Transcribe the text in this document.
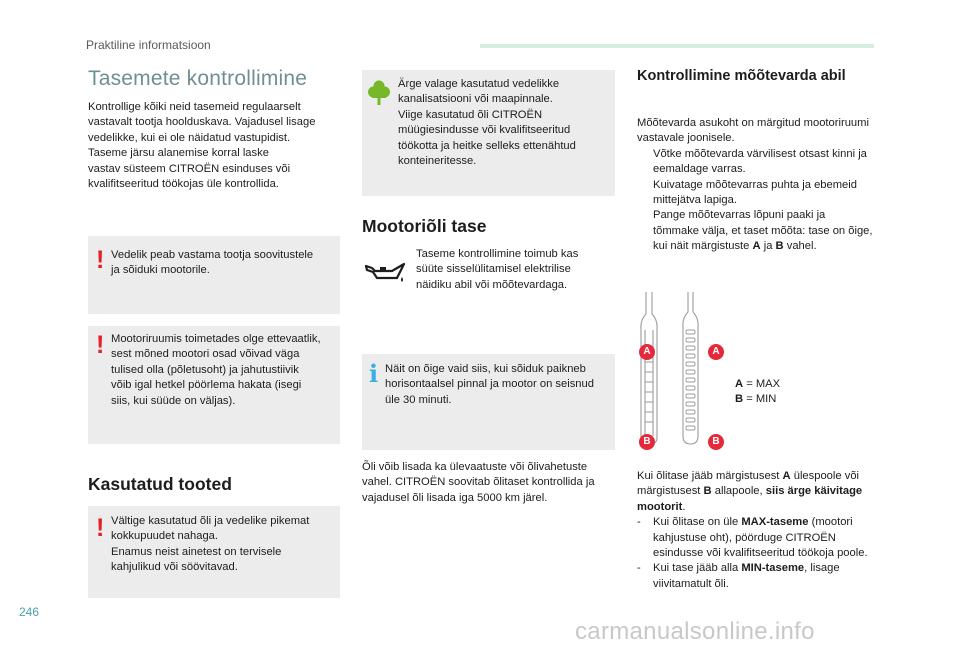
Praktiline informatsioon
Tasemete kontrollimine
Kontrollige kõiki neid tasemeid regulaarselt
vastavalt tootja hoolduskava. Vajadusel lisage
vedelikke, kui ei ole näidatud vastupidist.
Taseme järsu alanemise korral laske
vastav süsteem CITROËN esinduses või
kvalifitseeritud töökojas üle kontrollida.
! Vedelik peab vastama tootja soovitustele
ja sõiduki mootorile.
! Mootoriruumis toimetades olge ettevaatlik,
sest mõned mootori osad võivad väga
tulised olla (põletusoht) ja jahutustiivik
võib igal hetkel pöörlema hakata (isegi
siis, kui süüde on väljas).
Kasutatud tooted
! Vältige kasutatud õli ja vedelike pikemat
kokkupuudet nahaga.
Enamus neist ainetest on tervisele
kahjulikud või söövitavad.
Ärge valage kasutatud vedelikke
kanalisatsiooni või maapinnale.
Viige kasutatud õli CITROËN
müügiesindusse või kvalifitseeritud
töökotta ja heitke selleks ettenähtud
konteineritesse.
Mootoriõli tase
Taseme kontrollimine toimub kas
süüte sisselülitamisel elektrilise
näidiku abil või mõõtevardaga.
i Näit on õige vaid siis, kui sõiduk paikneb
horisontaalsel pinnal ja mootor on seisnud
üle 30 minuti.
Õli võib lisada ka ülevaatuste või õlivahetuste
vahel. CITROËN soovitab õlitaset kontrollida ja
vajadusel õli lisada iga 5000 km järel.
Kontrollimine mõõtevarda abil
Mõõtevarda asukoht on märgitud mootoriruumi
vastavale joonisele.
Võtke mõõtevarda värvilisest otsast kinni ja
eemaldage varras.
Kuivatage mõõtevarras puhta ja ebemeid
mittejätva lapiga.
Pange mõõtevarras lõpuni paaki ja
tõmmake välja, et taset mõõta: tase on õige,
kui näit märgistuste A ja B vahel.
A	A
B	B
A = MAX
B = MIN
Kui õlitase jääb märgistusest A ülespoole või
märgistusest B allapoole, siis ärge käivitage
mootorit.
-	Kui õlitase on üle MAX-taseme (mootori
kahjustuse oht), pöörduge CITROËN
esindusse või kvalifitseeritud töökoja poole.
-	Kui tase jääb alla MIN-taseme, lisage
viivitamatult õli.
246
carmanualsonline.info
